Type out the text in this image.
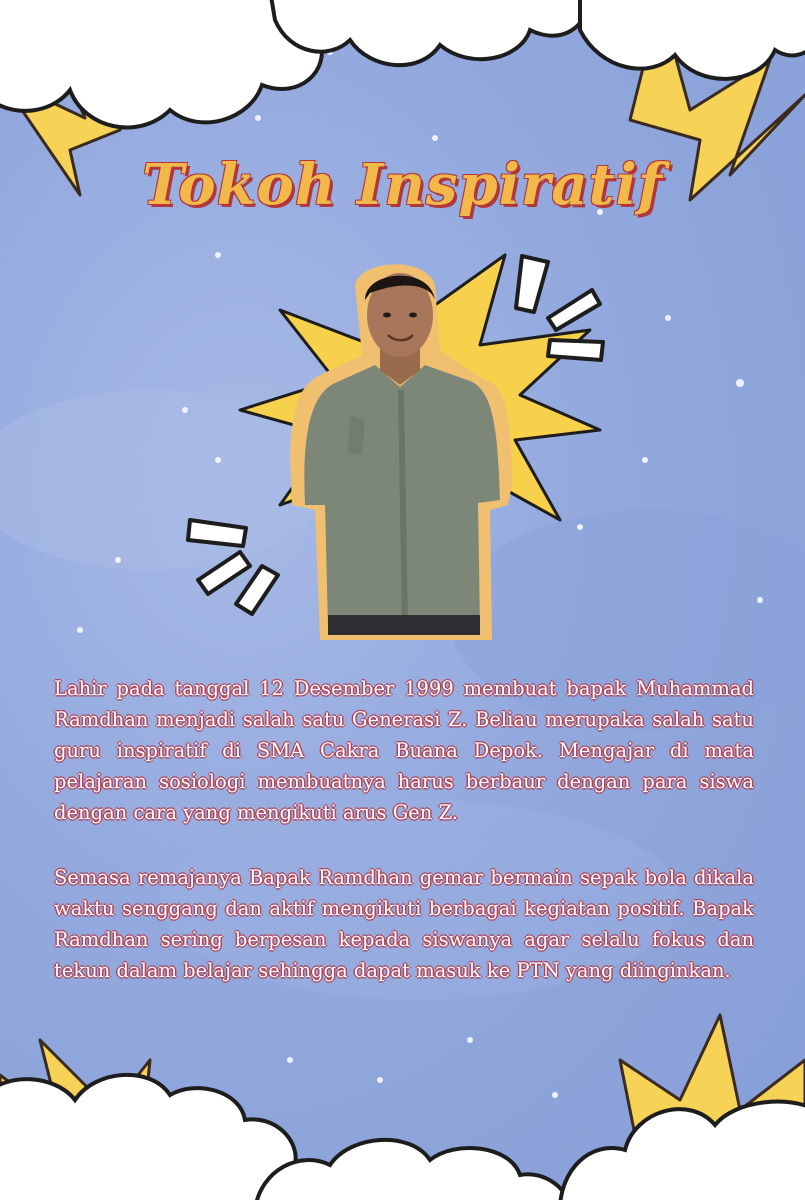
Tokoh Inspiratif
Lahir pada tanggal 12 Desember 1999 membuat bapak Muhammad Ramdhan menjadi salah satu Generasi Z. Beliau merupaka salah satu guru inspiratif di SMA Cakra Buana Depok. Mengajar di mata pelajaran sosiologi membuatnya harus berbaur dengan para siswa dengan cara yang mengikuti arus Gen Z.
Semasa remajanya Bapak Ramdhan gemar bermain sepak bola dikala waktu senggang dan aktif mengikuti berbagai kegiatan positif. Bapak Ramdhan sering berpesan kepada siswanya agar selalu fokus dan tekun dalam belajar sehingga dapat masuk ke PTN yang diinginkan.
